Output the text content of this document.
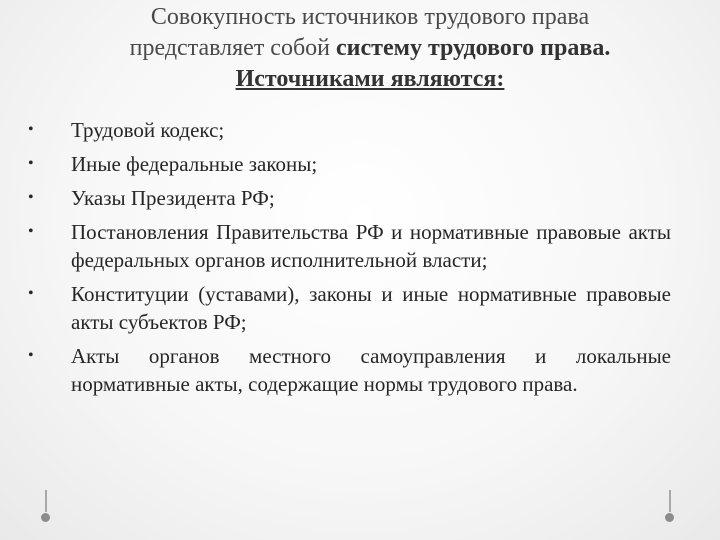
Совокупность источников трудового права
представляет собой систему трудового права.
Источниками являются:
• Трудовой кодекс;
• Иные федеральные законы;
• Указы Президента РФ;
• Постановления Правительства РФ и нормативные правовые акты федеральных органов исполнительной власти;
• Конституции (уставами), законы и иные нормативные правовые акты субъектов РФ;
• Акты органов местного самоуправления и локальные нормативные акты, содержащие нормы трудового права.
